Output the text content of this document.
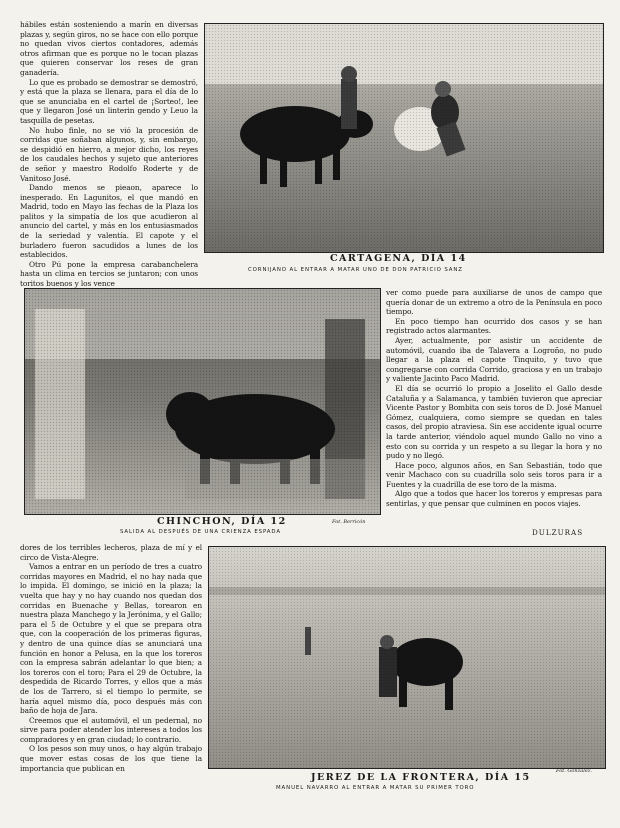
hábiles están sosteniendo a marín en diversas plazas y, según giros, no se hace con ello porque no quedan vivos ciertos contadores, además otros afirman que es porque no le tocan plazas que quieren conservar los reses de gran ganadería.

Lo que es probado se demostrar se demostró, y está que la plaza se llenara, para el día de lo que se anunciaba en el cartel de ¡Sorteo!, lee que y llegaron José un linterin gendo y Leuo la tasquilla de pesetas.

No hubo finle, no se vió la procesión de corridas que soñaban algunos, y, sin embargo, se despidió en hierro, a mejor dicho, los reyes de los caudales hechos y sujeto que anteriores de señor y maestro Rodolfo Roderte y de Vanitoso José.

Dando menos se pieaon, aparece lo inesperado. En Lagunitos, el que mandó en Madrid, todo en Mayo las fechas de la Plaza los palitos y la simpatía de los que acudieron al anuncio del cartel, y más en los entusiasmados de la seriedad y valentía. El capote y el burladero fueron sacudidos a lunes de los establecidos.

Otro Pú pone la empresa carabanchelera hasta un clima en tercios se juntaron; con unos toritos buenos y los vence

CARTAGENA, DÍA 14
CORNIJANO AL ENTRAR A MATAR UNO DE DON PATRICIO SANZ
CHINCHON, DÍA 12
SALIDA AL DESPUÉS DE UNA CRIENZA ESPADA
Fot. Berricón

ver como puede para auxiliarse de unos de campo que quería donar de un extremo a otro de la Península en poco tiempo.

En poco tiempo han ocurrido dos casos y se han registrado actos alarmantes.

Ayer, actualmente, por asistir un accidente de automóvil, cuando iba de Talavera a Logroño, no pudo llegar a la plaza el capote Tinquito, y tuvo que congregarse con corrida Corrido, graciosa y en un trabajo y valiente Jacinto Paco Madrid.

El día se ocurrió lo propio a Joselito el Gallo desde Cataluña y a Salamanca, y también tuvieron que apreciar Vicente Pastor y Bombita con seis toros de D. José Manuel Gómez, cualquiera, como siempre se quedan en tales casos, del propio atraviesa. Sin ese accidente igual ocurre la tarde anterior, viéndolo aquel mundo Gallo no vino a esto con su corrida y un respeto a su llegar la hora y no pudo y no llegó.

Hace poco, algunos años, en San Sebastián, todo que venir Machaco con su cuadrilla solo seis toros para ir a Fuentes y la cuadrilla de ese toro de la misma.

Algo que a todos que hacer los toreros y empresas para sentirlas, y que pensar que culminen en pocos viajes.

DULZURAS

dores de los terribles lecheros, plaza de mí y el circo de Vista-Alegre.

Vamos a entrar en un período de tres a cuatro corridas mayores en Madrid, el no hay nada que lo impida. El domingo, se inició en la plaza; la vuelta que hay y no hay cuando nos quedan dos corridas en Buenache y Bellas, torearon en nuestra plaza Manchego y la Jerónima, y el Gallo; para el 5 de Octubre y el que se prepara otra que, con la cooperación de los primeras figuras, y dentro de una quince días se anunciará una función en honor a Pelusa, en la que los toreros con la empresa sabrán adelantar lo que bien; a los toreros con el toro; Para el 29 de Octubre, la despedida de Ricardo Torres, y ellos que a más de los de Tarrero, si el tiempo lo permite, se haría aquel mismo día, poco después más con baño de hoja de Jara.

Creemos que el automóvil, el un pedernal, no sirve para poder atender los intereses a todos los compradores y en gran ciudad; lo contrario.

O los pesos son muy unos, o hay algún trabajo que mover estas cosas de los que tiene la importancia que publican en

JEREZ DE LA FRONTERA, DÍA 15
MANUEL NAVARRO AL ENTRAR A MATAR SU PRIMER TORO
Fot. González.
